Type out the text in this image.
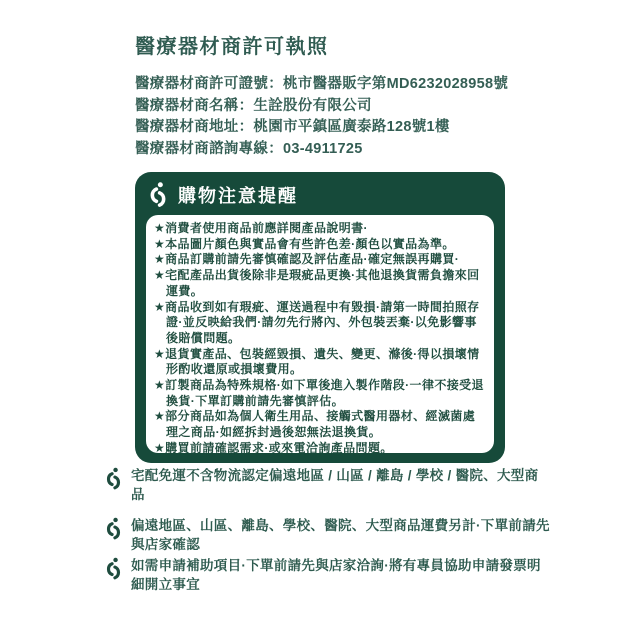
醫療器材商許可執照
醫療器材商許可證號：桃市醫器販字第MD6232028958號
醫療器材商名稱：生詮股份有限公司
醫療器材商地址：桃園市平鎮區廣泰路128號1樓
醫療器材商諮詢專線：03-4911725
購物注意提醒
★消費者使用商品前應詳閱產品說明書·
★本品圖片顏色與實品會有些許色差·顏色以實品為準。
★商品訂購前請先審慎確認及評估產品·確定無誤再購買·
★宅配產品出貨後除非是瑕疵品更換·其他退換貨需負擔來回運費。
★商品收到如有瑕疵、運送過程中有毀損·請第一時間拍照存證·並反映給我們·請勿先行將內、外包裝丟棄·以免影響事後賠償問題。
★退貨實產品、包裝經毀損、遺失、變更、滌後·得以損壞情形酌收還原或損壞費用。
★訂製商品為特殊規格·如下單後進入製作階段·一律不接受退換貨·下單訂購前請先審慎評估。
★部分商品如為個人衛生用品、接觸式醫用器材、經滅菌處理之商品·如經拆封過後恕無法退換貨。
★購買前請確認需求·或來電洽詢產品問題。
宅配免運不含物流認定偏遠地區 / 山區 / 離島 / 學校 / 醫院、大型商品
偏遠地區、山區、離島、學校、醫院、大型商品運費另計·下單前請先與店家確認
如需申請補助項目·下單前請先與店家洽詢·將有專員協助申請發票明細開立事宜
